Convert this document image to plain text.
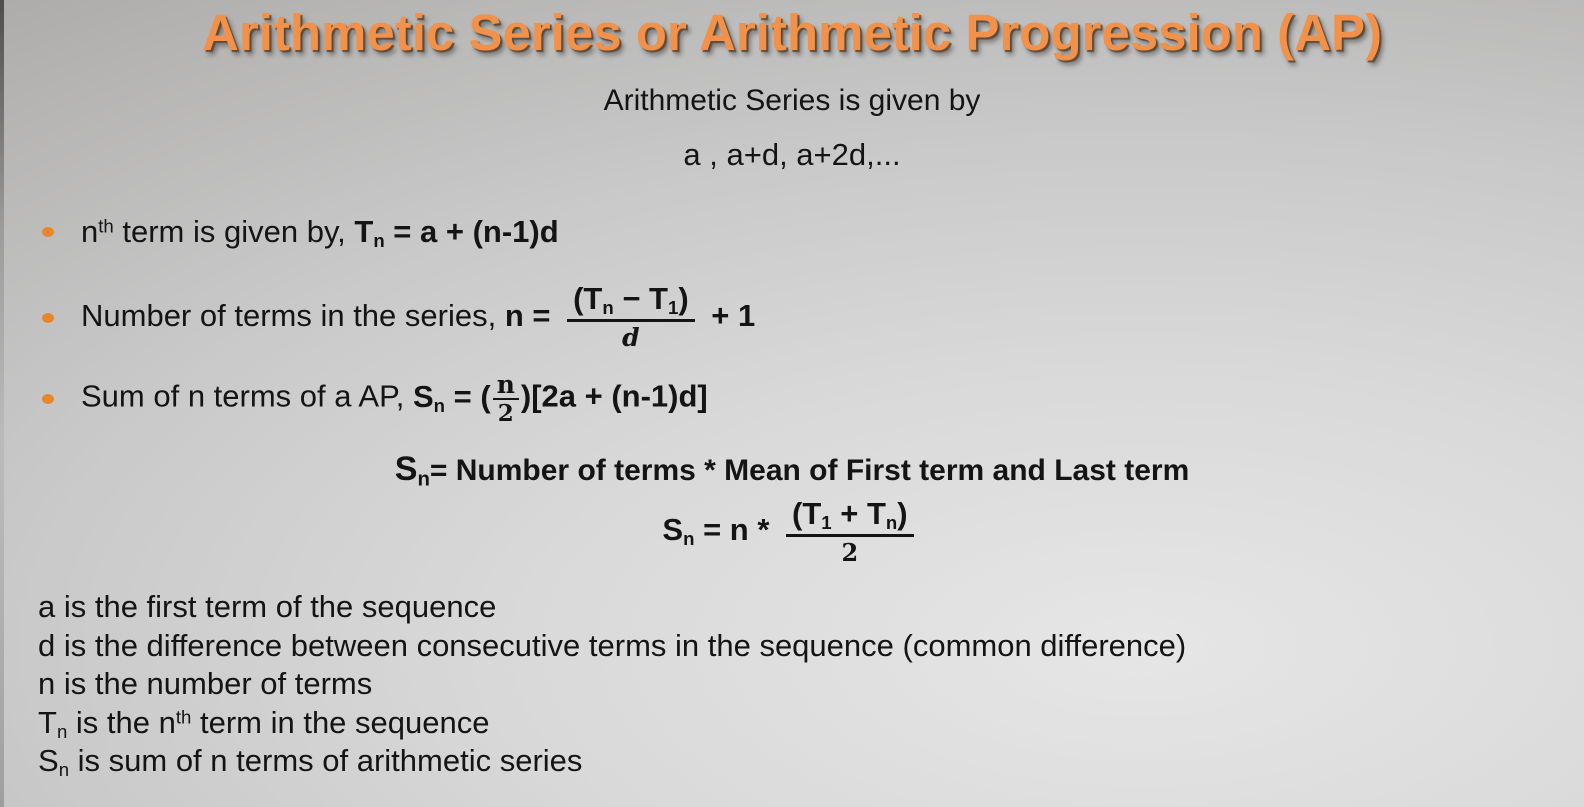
Arithmetic Series or Arithmetic Progression (AP)
Arithmetic Series is given by
a , a+d, a+2d,...
$n^{th}$ term is given by, $T_n = a + (n-1)d$
Number of terms in the series, $n = \frac{(T_n - T_1)}{d} + 1$
Sum of n terms of a AP, $S_n$ = ( $\frac{n}{2} )[2a + (n-1)d]$
$S_n=$ Number of terms * Mean of First term and Last term
$S_n = n * \frac{(T_1 + T_n)}{2}$
a is the first term of the sequence
d is the difference between consecutive terms in the sequence (common difference)
n is the number of terms
$T_n$ is the $n^{th}$ term in the sequence
$S_n$ is sum of n terms of arithmetic series
